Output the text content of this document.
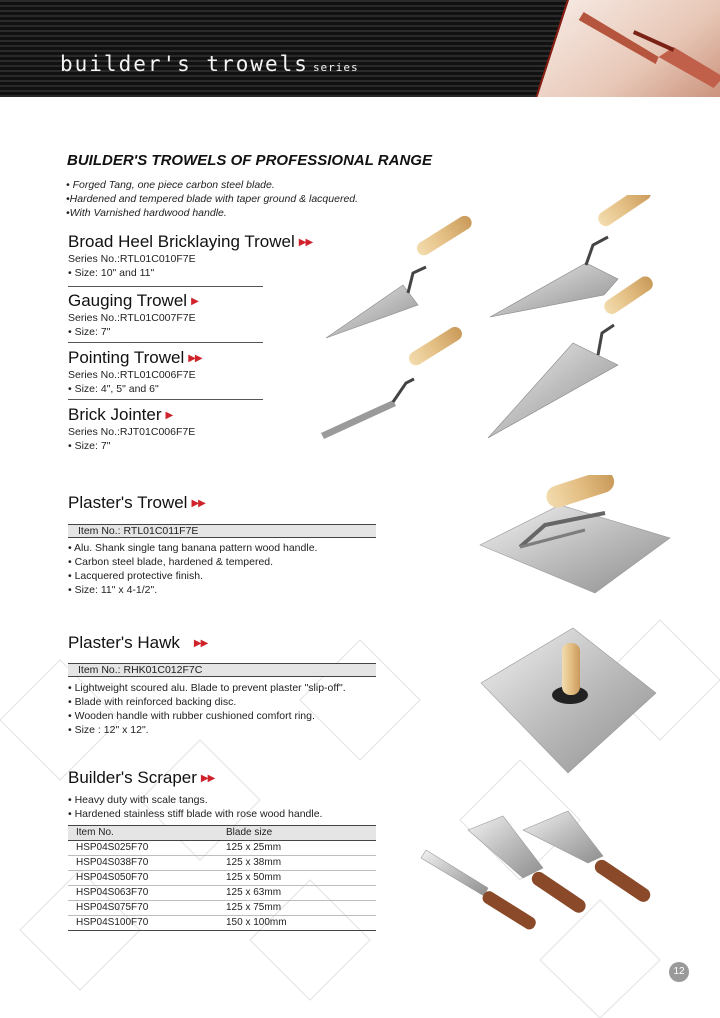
builder's trowels series
BUILDER'S TROWELS OF PROFESSIONAL RANGE
• Forged Tang, one piece carbon steel blade.
•Hardened and tempered blade with taper ground & lacquered.
•With Varnished hardwood handle.
Broad Heel Bricklaying Trowel ▶▶
Series No.:RTL01C010F7E
• Size: 10" and 11"
Gauging Trowel ▶
Series No.:RTL01C007F7E
• Size: 7"
Pointing Trowel ▶▶
Series No.:RTL01C006F7E
• Size: 4", 5" and 6"
Brick Jointer ▶
Series No.:RJT01C006F7E
• Size: 7"
Plaster's Trowel ▶▶
Item No.: RTL01C011F7E
• Alu. Shank single tang banana pattern wood handle.
• Carbon steel blade, hardened & tempered.
• Lacquered protective finish.
• Size: 11" x 4-1/2".
Plaster's Hawk ▶▶
Item No.: RHK01C012F7C
• Lightweight scoured alu. Blade to prevent plaster "slip-off".
• Blade with reinforced backing disc.
• Wooden handle with rubber cushioned comfort ring.
• Size : 12" x 12".
Builder's Scraper ▶▶
• Heavy duty with scale tangs.
• Hardened stainless stiff blade with rose wood handle.
Item No.	Blade size
HSP04S025F70	125 x 25mm
HSP04S038F70	125 x 38mm
HSP04S050F70	125 x 50mm
HSP04S063F70	125 x 63mm
HSP04S075F70	125 x 75mm
HSP04S100F70	150 x 100mm
12
